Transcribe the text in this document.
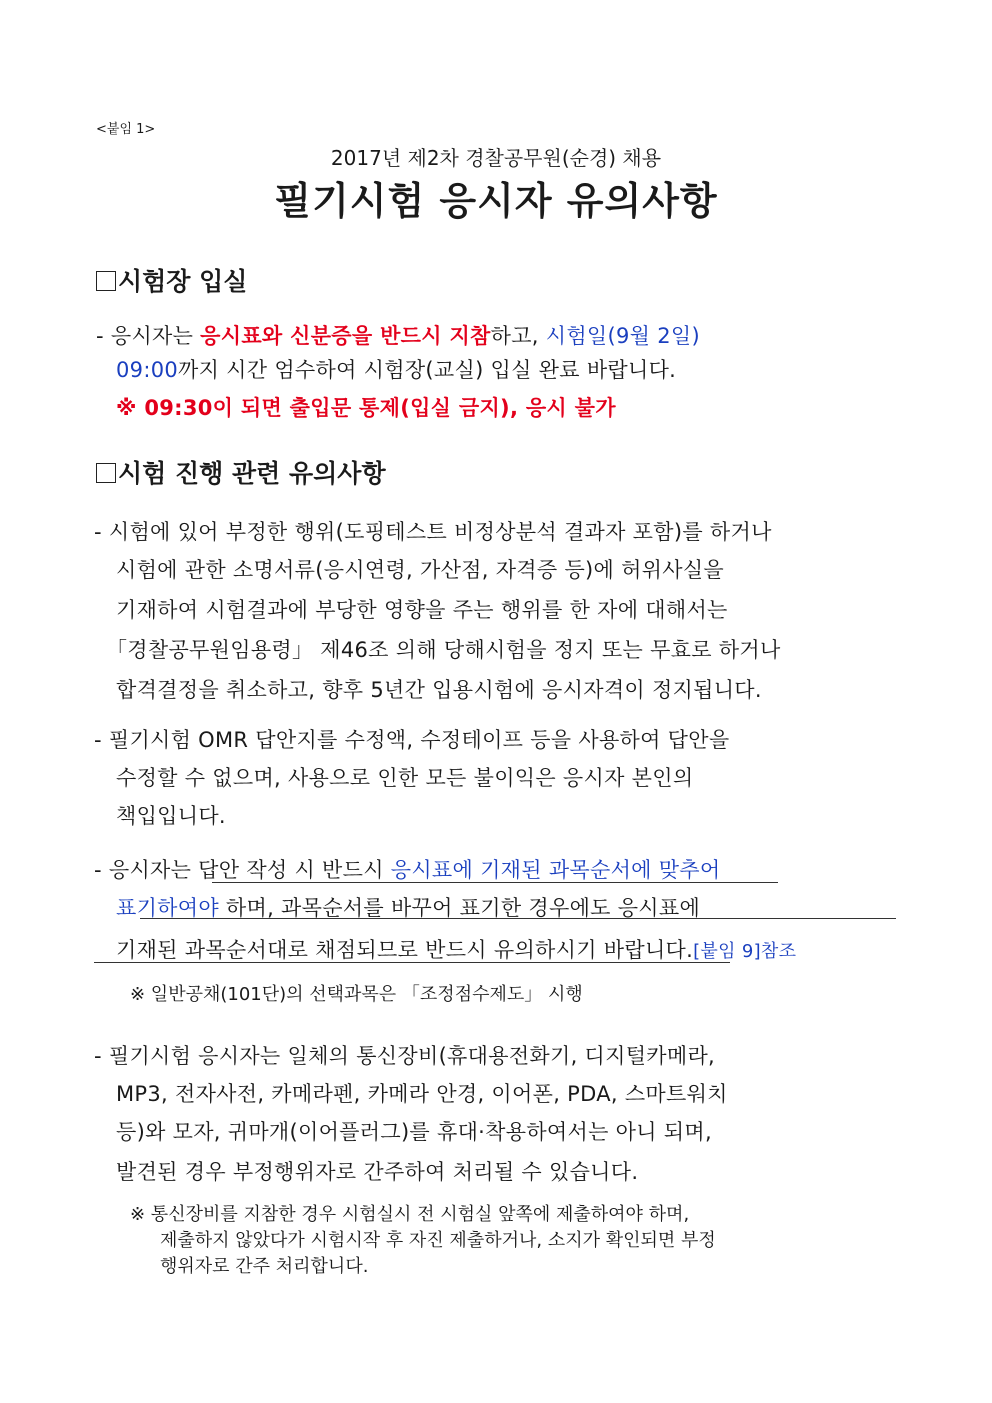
<붙임 1>
2017년 제2차 경찰공무원(순경) 채용
필기시험 응시자 유의사항
시험장 입실
- 응시자는 응시표와 신분증을 반드시 지참하고, 시험일(9월 2일)
09:00까지 시간 엄수하여 시험장(교실) 입실 완료 바랍니다.
※ 09:30이 되면 출입문 통제(입실 금지), 응시 불가
시험 진행 관련 유의사항
- 시험에 있어 부정한 행위(도핑테스트 비정상분석 결과자 포함)를 하거나
시험에 관한 소명서류(응시연령, 가산점, 자격증 등)에 허위사실을
기재하여 시험결과에 부당한 영향을 주는 행위를 한 자에 대해서는
「경찰공무원임용령」 제46조 의해 당해시험을 정지 또는 무효로 하거나
합격결정을 취소하고, 향후 5년간 입용시험에 응시자격이 정지됩니다.
- 필기시험 OMR 답안지를 수정액, 수정테이프 등을 사용하여 답안을
수정할 수 없으며, 사용으로 인한 모든 불이익은 응시자 본인의
책입입니다.
- 응시자는 답안 작성 시 반드시 응시표에 기재된 과목순서에 맞추어
표기하여야 하며, 과목순서를 바꾸어 표기한 경우에도 응시표에
기재된 과목순서대로 채점되므로 반드시 유의하시기 바랍니다.[붙임 9]참조
※ 일반공채(101단)의 선택과목은 「조정점수제도」 시행
- 필기시험 응시자는 일체의 통신장비(휴대용전화기, 디지털카메라,
MP3, 전자사전, 카메라펜, 카메라 안경, 이어폰, PDA, 스마트워치
등)와 모자, 귀마개(이어플러그)를 휴대·착용하여서는 아니 되며,
발견된 경우 부정행위자로 간주하여 처리될 수 있습니다.
※ 통신장비를 지참한 경우 시험실시 전 시험실 앞쪽에 제출하여야 하며,
제출하지 않았다가 시험시작 후 자진 제출하거나, 소지가 확인되면 부정
행위자로 간주 처리합니다.
